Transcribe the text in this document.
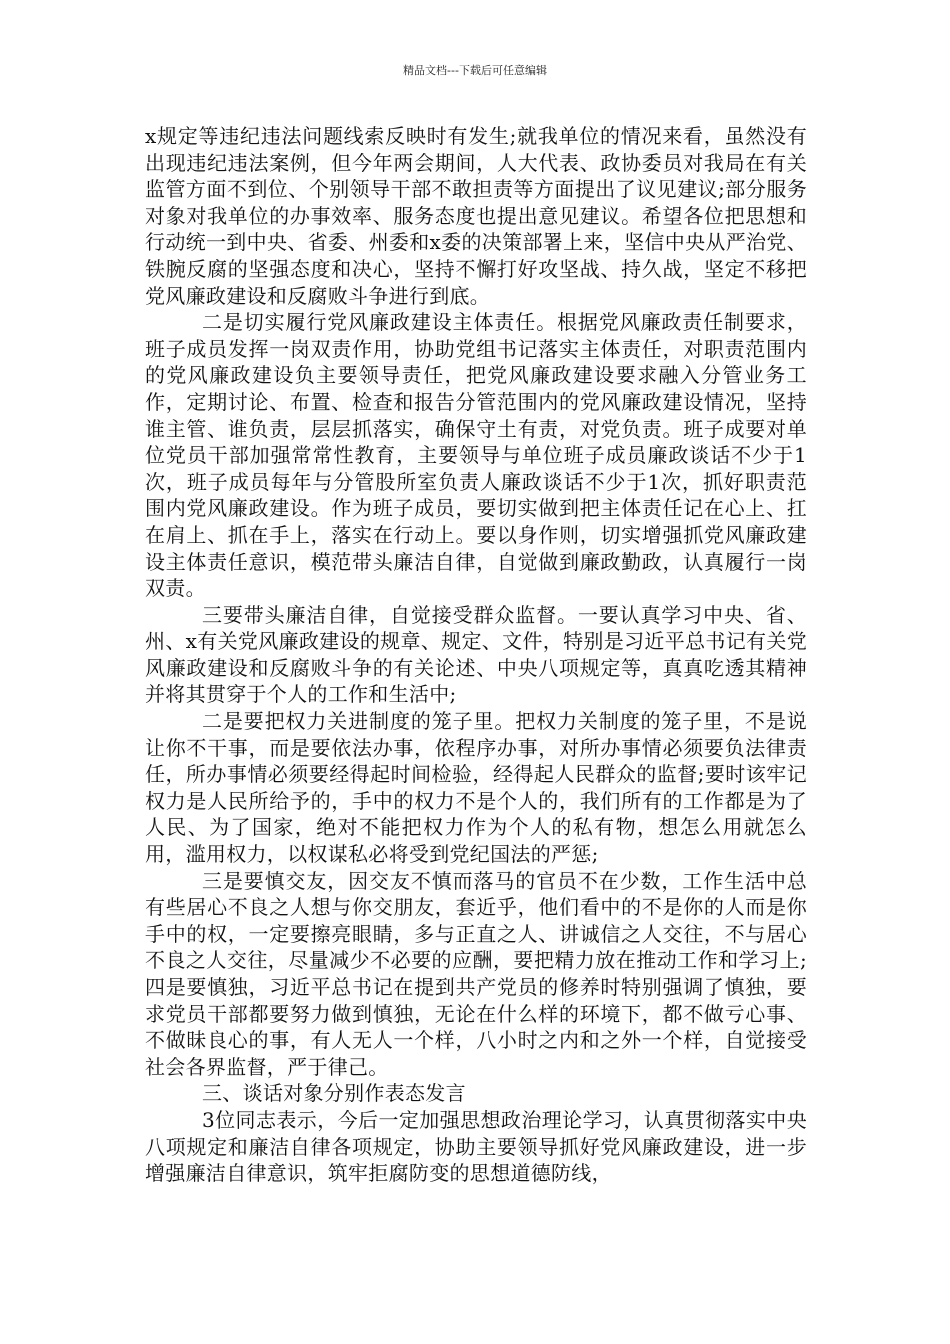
精品文档---下载后可任意编辑

x规定等违纪违法问题线索反映时有发生;就我单位的情况来看，虽然没有出现违纪违法案例，但今年两会期间，人大代表、政协委员对我局在有关监管方面不到位、个别领导干部不敢担责等方面提出了议见建议;部分服务对象对我单位的办事效率、服务态度也提出意见建议。希望各位把思想和行动统一到中央、省委、州委和x委的决策部署上来，坚信中央从严治党、铁腕反腐的坚强态度和决心，坚持不懈打好攻坚战、持久战，坚定不移把党风廉政建设和反腐败斗争进行到底。

二是切实履行党风廉政建设主体责任。根据党风廉政责任制要求，班子成员发挥一岗双责作用，协助党组书记落实主体责任，对职责范围内的党风廉政建设负主要领导责任，把党风廉政建设要求融入分管业务工作，定期讨论、布置、检查和报告分管范围内的党风廉政建设情况，坚持谁主管、谁负责，层层抓落实，确保守土有责，对党负责。班子成要对单位党员干部加强常常性教育，主要领导与单位班子成员廉政谈话不少于1次，班子成员每年与分管股所室负责人廉政谈话不少于1次，抓好职责范围内党风廉政建设。作为班子成员，要切实做到把主体责任记在心上、扛在肩上、抓在手上，落实在行动上。要以身作则，切实增强抓党风廉政建设主体责任意识，模范带头廉洁自律，自觉做到廉政勤政，认真履行一岗双责。

三要带头廉洁自律，自觉接受群众监督。一要认真学习中央、省、州、x有关党风廉政建设的规章、规定、文件，特别是习近平总书记有关党风廉政建设和反腐败斗争的有关论述、中央八项规定等，真真吃透其精神并将其贯穿于个人的工作和生活中;

二是要把权力关进制度的笼子里。把权力关制度的笼子里，不是说让你不干事，而是要依法办事，依程序办事，对所办事情必须要负法律责任，所办事情必须要经得起时间检验，经得起人民群众的监督;要时该牢记权力是人民所给予的，手中的权力不是个人的，我们所有的工作都是为了人民、为了国家，绝对不能把权力作为个人的私有物，想怎么用就怎么用，滥用权力，以权谋私必将受到党纪国法的严惩;

三是要慎交友，因交友不慎而落马的官员不在少数，工作生活中总有些居心不良之人想与你交朋友，套近乎，他们看中的不是你的人而是你手中的权，一定要擦亮眼睛，多与正直之人、讲诚信之人交往，不与居心不良之人交往，尽量减少不必要的应酬，要把精力放在推动工作和学习上;四是要慎独，习近平总书记在提到共产党员的修养时特别强调了慎独，要求党员干部都要努力做到慎独，无论在什么样的环境下，都不做亏心事、不做昧良心的事，有人无人一个样，八小时之内和之外一个样，自觉接受社会各界监督，严于律己。

三、谈话对象分别作表态发言

3位同志表示，今后一定加强思想政治理论学习，认真贯彻落实中央八项规定和廉洁自律各项规定，协助主要领导抓好党风廉政建设，进一步增强廉洁自律意识，筑牢拒腐防变的思想道德防线，
